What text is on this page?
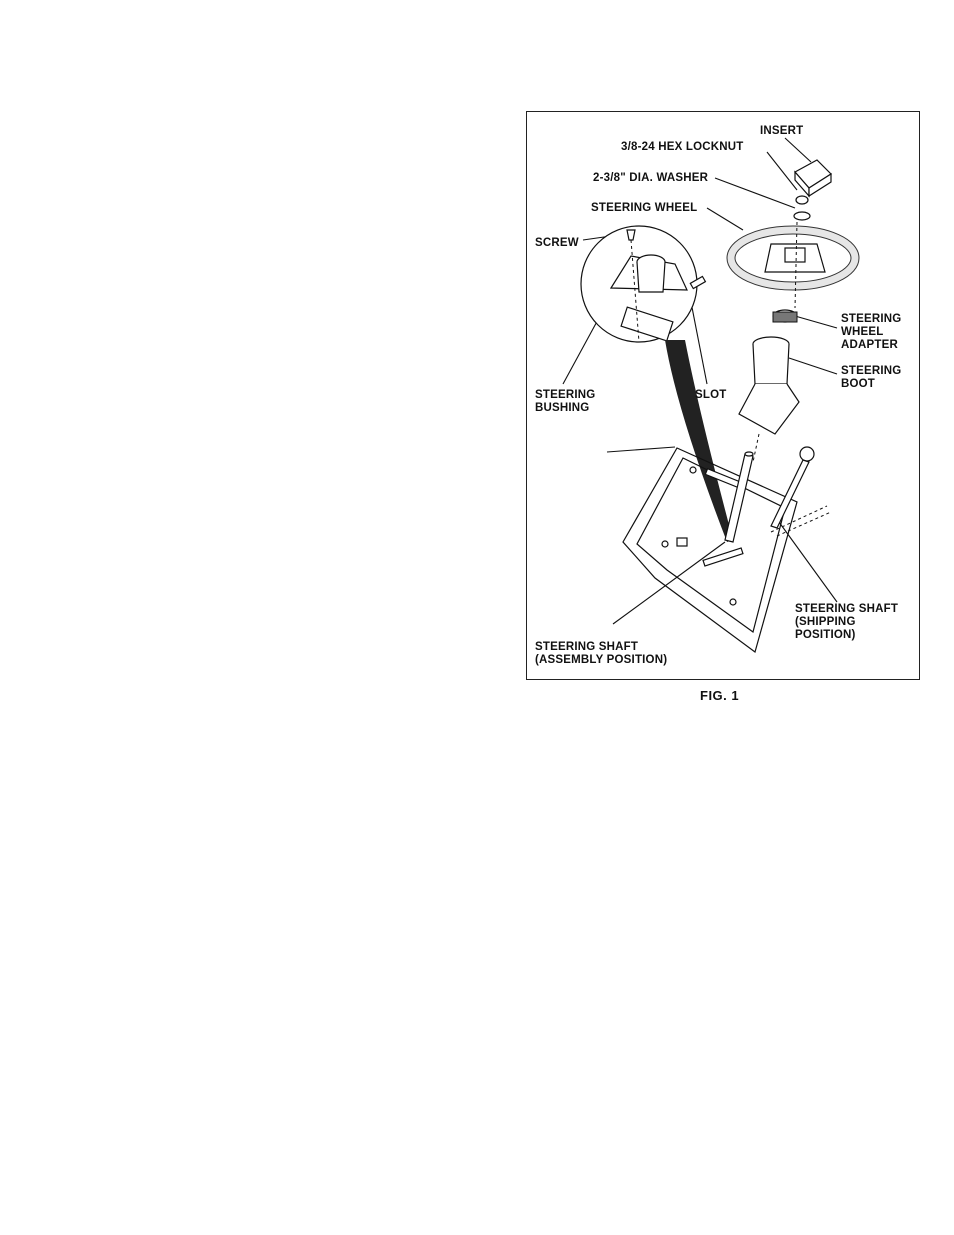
INSERT
3/8-24 HEX LOCKNUT
2-3/8" DIA. WASHER
STEERING WHEEL
SCREW
STEERING
WHEEL
ADAPTER
STEERING
BOOT
STEERING
BUSHING
SLOT
STEERING SHAFT
(SHIPPING
POSITION)
STEERING SHAFT
(ASSEMBLY POSITION)
FIG. 1
